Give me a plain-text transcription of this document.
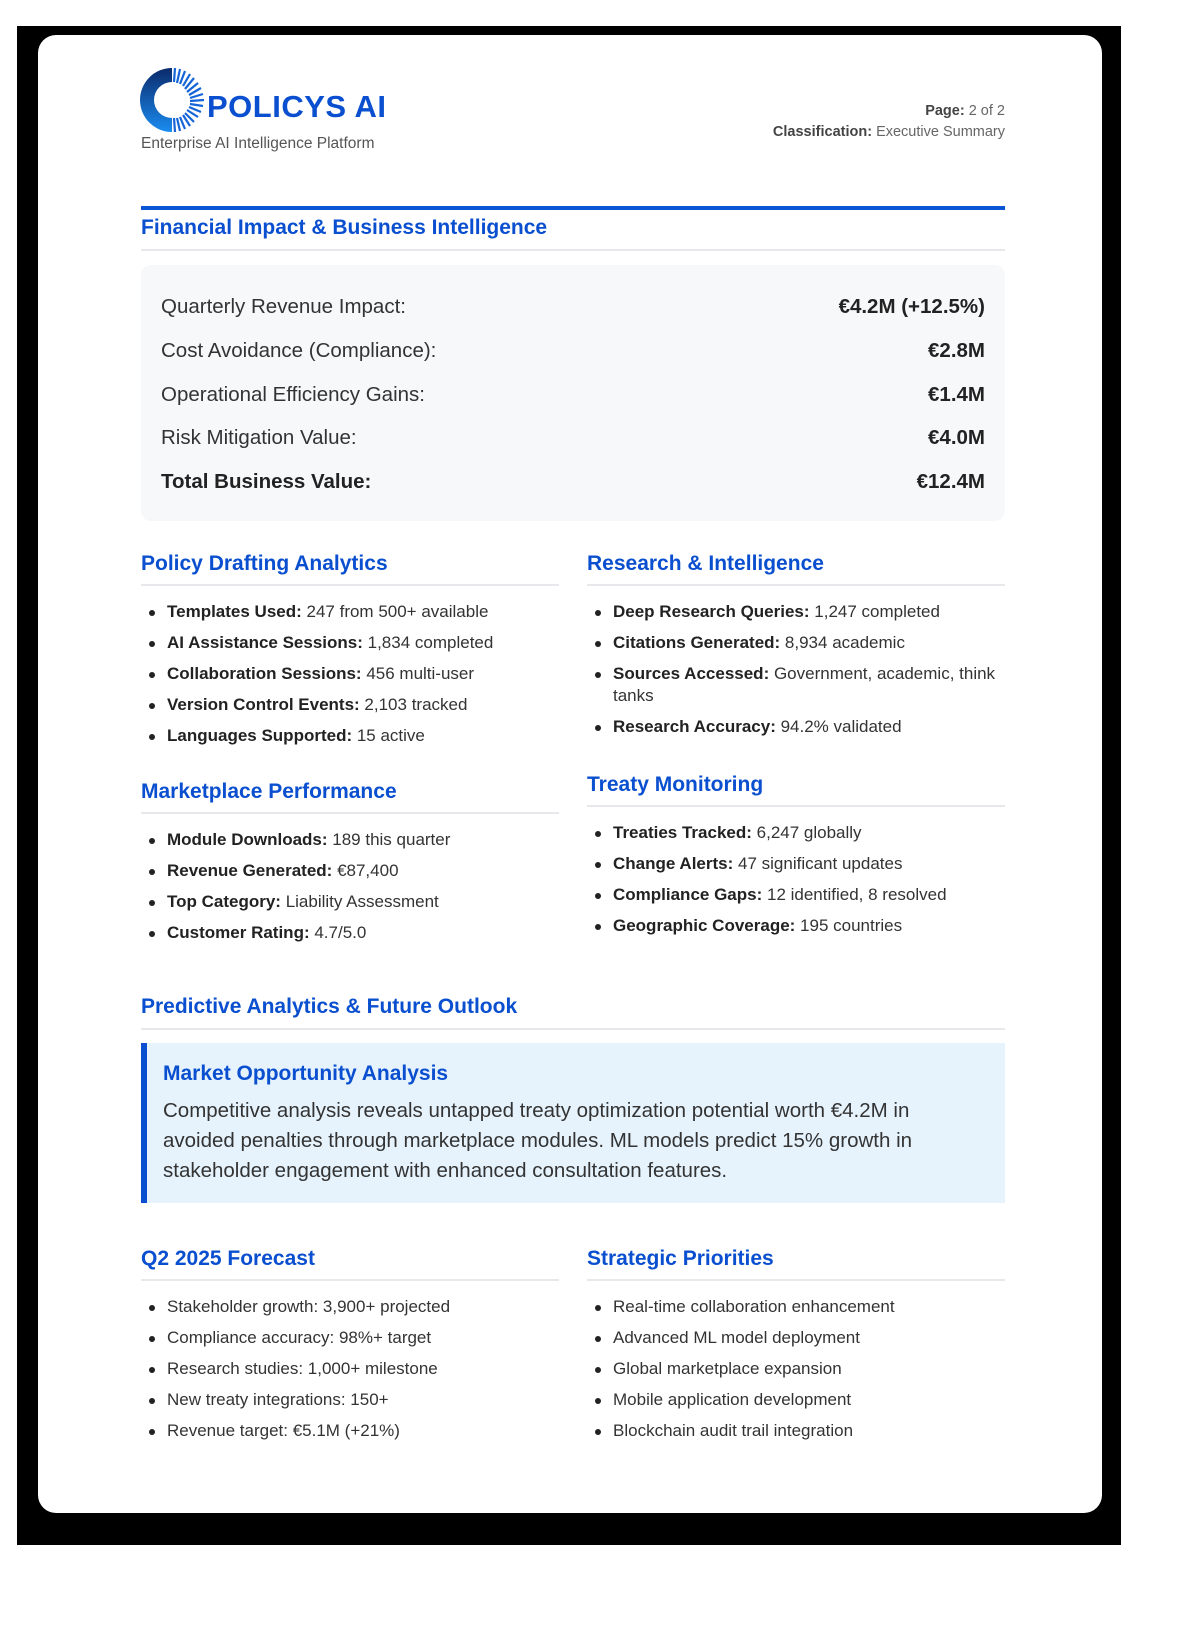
POLICYS AI
Enterprise AI Intelligence Platform
Page: 2 of 2
Classification: Executive Summary
Financial Impact & Business Intelligence
Quarterly Revenue Impact:	€4.2M (+12.5%)
Cost Avoidance (Compliance):	€2.8M
Operational Efficiency Gains:	€1.4M
Risk Mitigation Value:	€4.0M
Total Business Value:	€12.4M
Policy Drafting Analytics
Templates Used: 247 from 500+ available
AI Assistance Sessions: 1,834 completed
Collaboration Sessions: 456 multi-user
Version Control Events: 2,103 tracked
Languages Supported: 15 active
Research & Intelligence
Deep Research Queries: 1,247 completed
Citations Generated: 8,934 academic
Sources Accessed: Government, academic, think tanks
Research Accuracy: 94.2% validated
Marketplace Performance
Module Downloads: 189 this quarter
Revenue Generated: €87,400
Top Category: Liability Assessment
Customer Rating: 4.7/5.0
Treaty Monitoring
Treaties Tracked: 6,247 globally
Change Alerts: 47 significant updates
Compliance Gaps: 12 identified, 8 resolved
Geographic Coverage: 195 countries
Predictive Analytics & Future Outlook
Market Opportunity Analysis
Competitive analysis reveals untapped treaty optimization potential worth €4.2M in avoided penalties through marketplace modules. ML models predict 15% growth in stakeholder engagement with enhanced consultation features.
Q2 2025 Forecast
Stakeholder growth: 3,900+ projected
Compliance accuracy: 98%+ target
Research studies: 1,000+ milestone
New treaty integrations: 150+
Revenue target: €5.1M (+21%)
Strategic Priorities
Real-time collaboration enhancement
Advanced ML model deployment
Global marketplace expansion
Mobile application development
Blockchain audit trail integration
